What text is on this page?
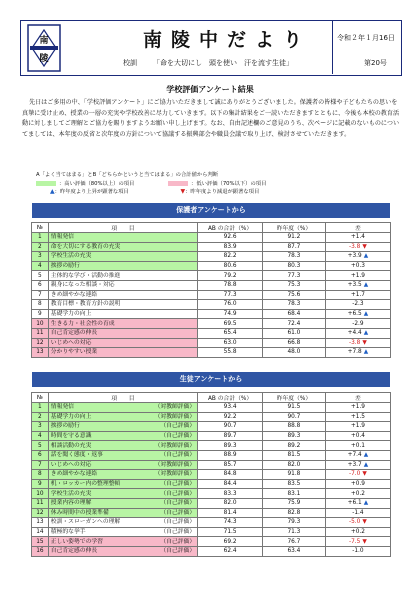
南
陵
南陵中だより
校訓 「命を大切にし　頭を使い　汗を流す生徒」
令和２年１月16日
第20号
学校評価アンケート結果
先日はご多用の中、「学校評価アンケート」にご協力いただきまして誠にありがとうございました。保護者の皆様や子どもたちの思いを真摯に受け止め、授業の一層の充実や学校改善に尽力していきます。以下の集計結果をご一読いただきますとともに、今後も本校の教育活動に対しましてご理解とご協力を賜りますようお願い申し上げます。なお、自由記述欄のご意見のうち、次ページに記載のないものについてましては、本年度の反省と次年度の方針について協議する振興部会や職員会議で取り上げ、検討させていただきます。
A「よく当てはまる」とB「どちらかというと当てはまる」の合計値から判断
：高い評価（80%以上）の項目	：低い評価（70%以下）の項目
▲：昨年度より上昇が顕著な項目	▼：昨年度より減退が顕著な項目
保護者アンケートから
№	項　　目	AB の合計（%）	昨年度（%）	差
1	情報発信	92.6	91.2	+1.4
2	命を大切にする教育の充実	83.9	87.7	-3.8 ▼
3	学校生活の充実	82.2	78.3	+3.9 ▲
4	挨拶の励行	80.6	80.3	+0.3
5	主体的な学び・活動の推進	79.2	77.3	+1.9
6	親身になった相談・対応	78.8	75.3	+3.5 ▲
7	きめ細やかな連絡	77.3	75.6	+1.7
8	教育目標・教育方針の説明	76.0	78.3	-2.3
9	基礎学力の向上	74.9	68.4	+6.5 ▲
10	生きる力・社会性の育成	69.5	72.4	-2.9
11	自己肯定感の伸長	65.4	61.0	+4.4 ▲
12	いじめへの対応	63.0	66.8	-3.8 ▼
13	分かりやすい授業	55.8	48.0	+7.8 ▲
生徒アンケートから
№	項　　目	AB の合計（%）	昨年度（%）	差
1	情報発信 （対教師評価）	93.4	91.5	+1.9
2	基礎学力の向上 （対教師評価）	92.2	90.7	+1.5
3	挨拶の励行 （自己評価）	90.7	88.8	+1.9
4	時間を守る意識 （自己評価）	89.7	89.3	+0.4
5	相談活動の充実 （対教師評価）	89.3	89.2	+0.1
6	話を聞く態度・返事 （自己評価）	88.9	81.5	+7.4 ▲
7	いじめへの対応 （対教師評価）	85.7	82.0	+3.7 ▲
8	きめ細やかな連絡 （対教師評価）	84.8	91.8	-7.0 ▼
9	机・ロッカー内の整理整頓 （自己評価）	84.4	83.5	+0.9
10	学校生活の充実 （自己評価）	83.3	83.1	+0.2
11	授業内容の理解 （自己評価）	82.0	75.9	+6.1 ▲
12	休み時間中の授業準備 （自己評価）	81.4	82.8	-1.4
13	校訓・スローガンへの理解 （自己評価）	74.3	79.3	-5.0 ▼
14	積極的な挙手 （自己評価）	71.5	71.3	+0.2
15	正しい姿勢での学習 （自己評価）	69.2	76.7	-7.5 ▼
16	自己肯定感の伸長 （自己評価）	62.4	63.4	-1.0
